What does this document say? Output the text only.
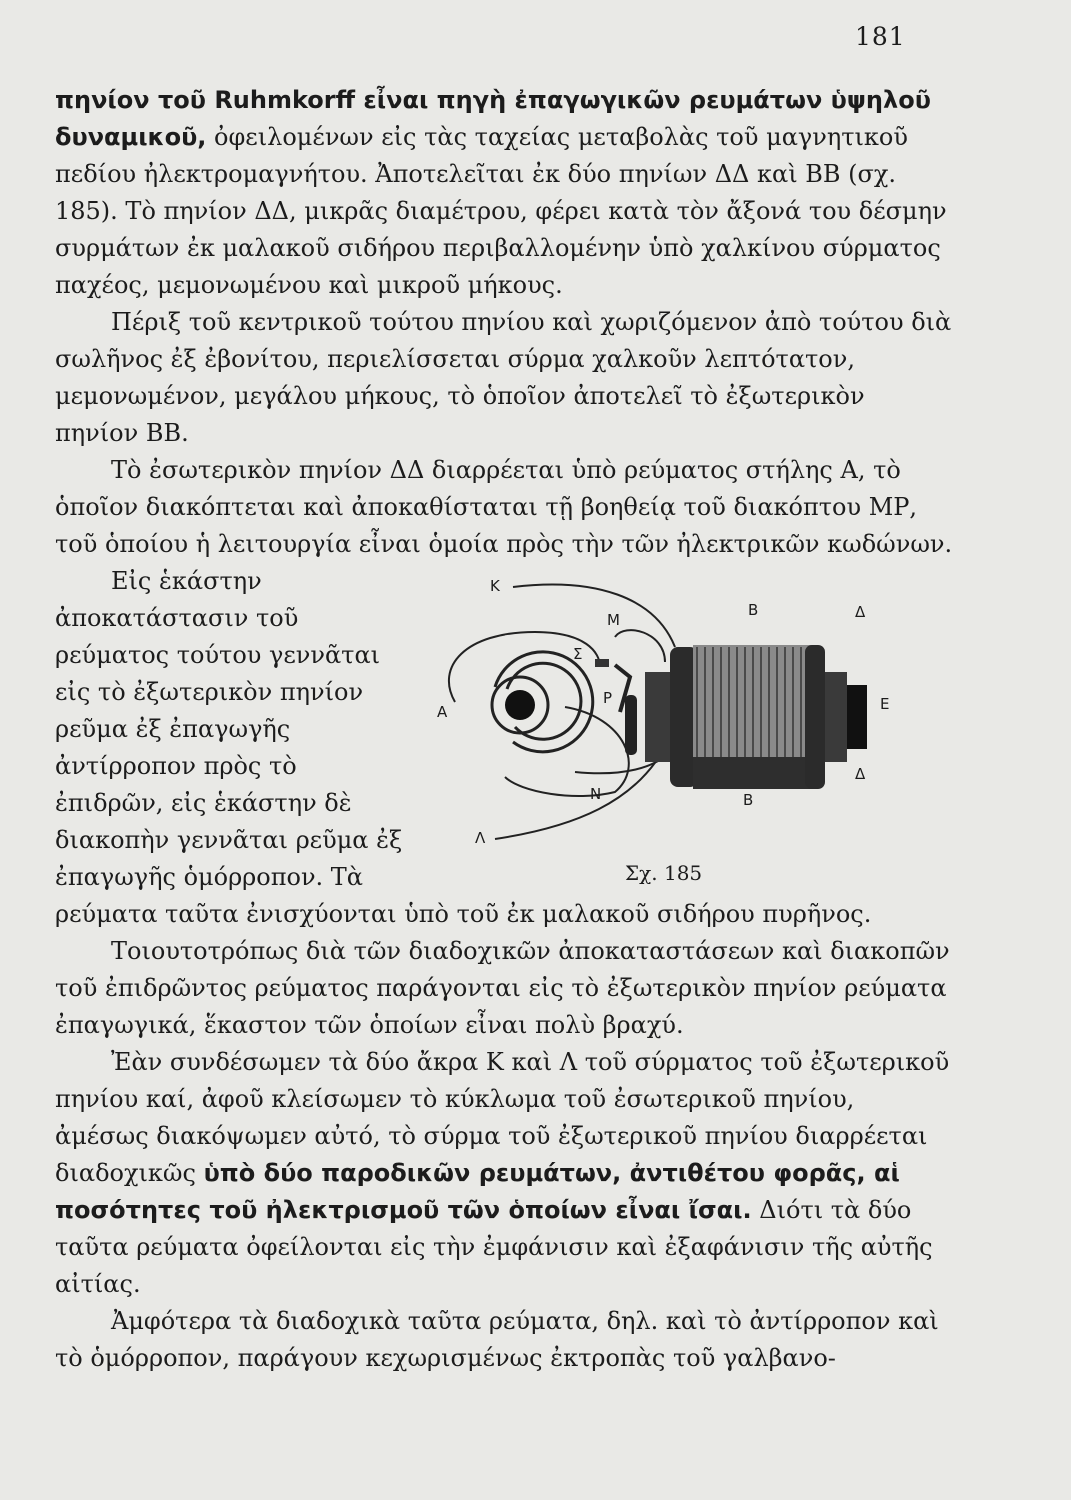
181

πηνίον τοῦ Ruhmkorff εἶναι πηγὴ ἐπαγωγικῶν ρευμάτων ὑψηλοῦ δυναμικοῦ, ὀφειλομένων εἰς τὰς ταχείας μεταβολὰς τοῦ μαγνητικοῦ πεδίου ἠλεκτρομαγνήτου. Ἀποτελεῖται ἐκ δύο πηνίων ΔΔ καὶ ΒΒ (σχ. 185). Τὸ πηνίον ΔΔ, μικρᾶς διαμέτρου, φέρει κατὰ τὸν ἄξονά του δέσμην συρμάτων ἐκ μαλακοῦ σιδήρου περιβαλλομένην ὑπὸ χαλκίνου σύρματος παχέος, μεμονωμένου καὶ μικροῦ μήκους.

Πέριξ τοῦ κεντρικοῦ τούτου πηνίου καὶ χωριζόμενον ἀπὸ τούτου διὰ σωλῆνος ἐξ ἐβονίτου, περιελίσσεται σύρμα χαλκοῦν λεπτότατον, μεμονωμένον, μεγάλου μήκους, τὸ ὁποῖον ἀποτελεῖ τὸ ἐξωτερικὸν πηνίον ΒΒ.

Τὸ ἐσωτερικὸν πηνίον ΔΔ διαρρέεται ὑπὸ ρεύματος στήλης Α, τὸ ὁποῖον διακόπτεται καὶ ἀποκαθίσταται τῇ βοηθείᾳ τοῦ διακόπτου ΜΡ, τοῦ ὁποίου ἡ λειτουργία εἶναι ὁμοία πρὸς τὴν τῶν ἠλεκτρικῶν κωδώνων.

K
M
B	Δ
Σ
P
A	E
Δ
N	B
Λ
Σχ. 185
Εἰς ἑκάστην ἀποκατάστασιν τοῦ ρεύματος τούτου γεννᾶται εἰς τὸ ἐξωτερικὸν πηνίον ρεῦμα ἐξ ἐπαγωγῆς ἀντίρροπον πρὸς τὸ ἐπιδρῶν, εἰς ἑκάστην δὲ διακοπὴν γεννᾶται ρεῦμα ἐξ ἐπαγωγῆς ὁμόρροπον. Τὰ ρεύματα ταῦτα ἐνισχύονται ὑπὸ τοῦ ἐκ μαλακοῦ σιδήρου πυρῆνος.

Τοιουτοτρόπως διὰ τῶν διαδοχικῶν ἀποκαταστάσεων καὶ διακοπῶν τοῦ ἐπιδρῶντος ρεύματος παράγονται εἰς τὸ ἐξωτερικὸν πηνίον ρεύματα ἐπαγωγικά, ἕκαστον τῶν ὁποίων εἶναι πολὺ βραχύ.

Ἐὰν συνδέσωμεν τὰ δύο ἄκρα Κ καὶ Λ τοῦ σύρματος τοῦ ἐξωτερικοῦ πηνίου καί, ἀφοῦ κλείσωμεν τὸ κύκλωμα τοῦ ἐσωτερικοῦ πηνίου, ἀμέσως διακόψωμεν αὐτό, τὸ σύρμα τοῦ ἐξωτερικοῦ πηνίου διαρρέεται διαδοχικῶς ὑπὸ δύο παροδικῶν ρευμάτων, ἀντιθέτου φορᾶς, αἱ ποσότητες τοῦ ἠλεκτρισμοῦ τῶν ὁποίων εἶναι ἴσαι. Διότι τὰ δύο ταῦτα ρεύματα ὀφείλονται εἰς τὴν ἐμφάνισιν καὶ ἐξαφάνισιν τῆς αὐτῆς αἰτίας.

Ἀμφότερα τὰ διαδοχικὰ ταῦτα ρεύματα, δηλ. καὶ τὸ ἀντίρροπον καὶ τὸ ὁμόρροπον, παράγουν κεχωρισμένως ἐκτροπὰς τοῦ γαλβανο-
